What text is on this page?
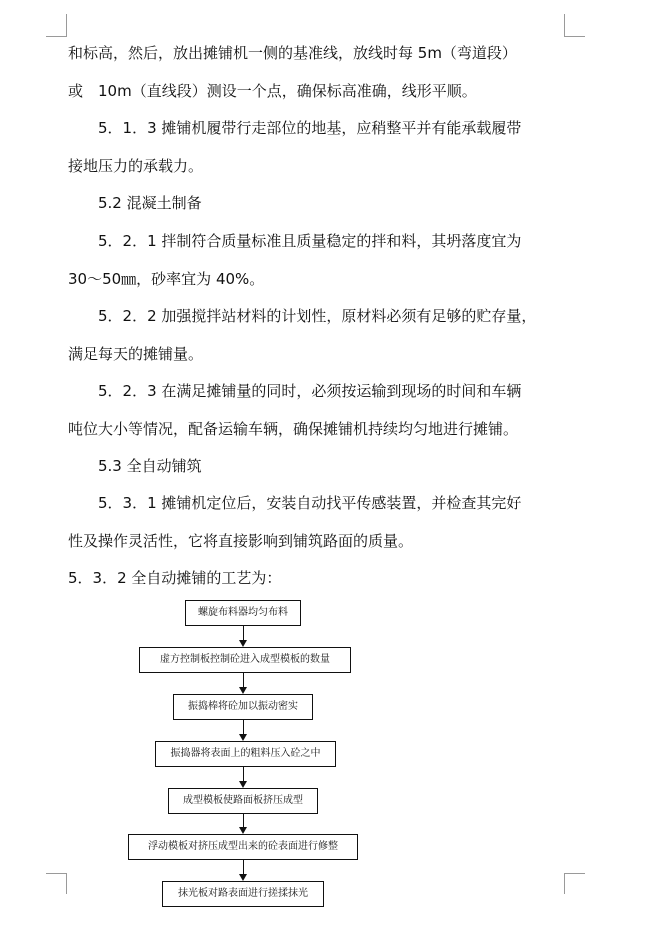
和标高，然后，放出摊铺机一侧的基准线，放线时每 5m（弯道段）
或　10m（直线段）测设一个点，确保标高准确，线形平顺。

5．1．3 摊铺机履带行走部位的地基，应稍整平并有能承载履带
接地压力的承载力。

5.2 混凝土制备

5．2．1 拌制符合质量标准且质量稳定的拌和料，其坍落度宜为
30～50㎜，砂率宜为 40%。

5．2．2 加强搅拌站材料的计划性，原材料必须有足够的贮存量，
满足每天的摊铺量。

5．2．3 在满足摊铺量的同时，必须按运输到现场的时间和车辆
吨位大小等情况，配备运输车辆，确保摊铺机持续均匀地进行摊铺。

5.3 全自动铺筑

5．3．1 摊铺机定位后，安装自动找平传感装置，并检查其完好
性及操作灵活性，它将直接影响到铺筑路面的质量。

5．3．2 全自动摊铺的工艺为：

螺旋布料器均匀布料
虚方控制板控制砼进入成型模板的数量
振捣棒将砼加以振动密实
振捣器将表面上的粗料压入砼之中
成型模板使路面板挤压成型
浮动模板对挤压成型出来的砼表面进行修整
抹光板对路表面进行搓揉抹光
